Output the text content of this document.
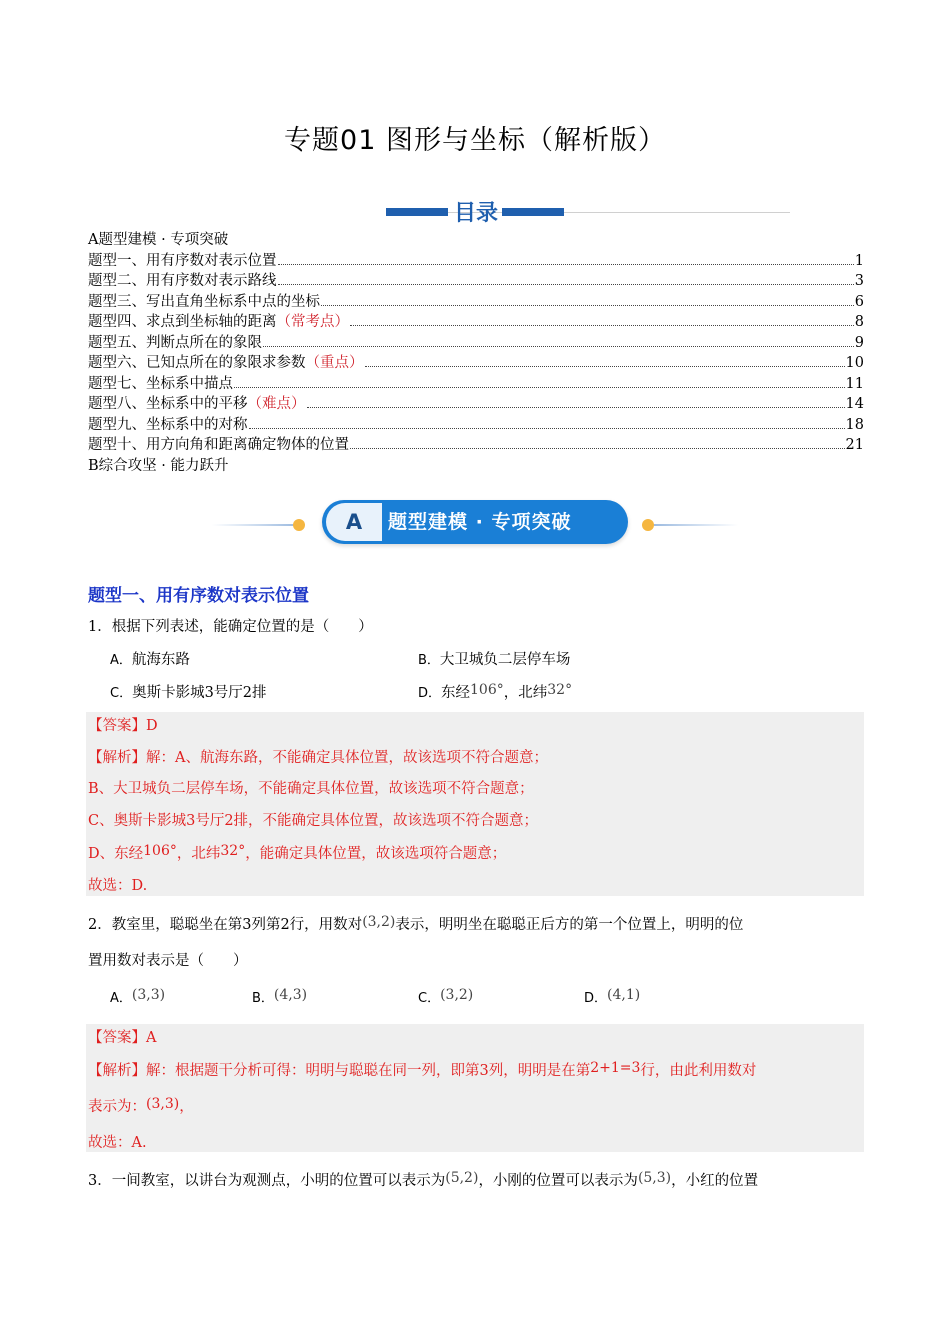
专题01 图形与坐标（解析版）
目录
A题型建模 · 专项突破
题型一、用有序数对表示位置	1
题型二、用有序数对表示路线	3
题型三、写出直角坐标系中点的坐标	6
题型四、求点到坐标轴的距离 （常考点）	8
题型五、判断点所在的象限	9
题型六、已知点所在的象限求参数 （重点）	10
题型七、坐标系中描点	11
题型八、坐标系中的平移 （难点）	14
题型九、坐标系中的对称	18
题型十、用方向角和距离确定物体的位置	21
B综合攻坚 · 能力跃升
A	题型建模 · 专项突破
题型一、用有序数对表示位置
1．根据下列表述，能确定位置的是（　　）
A．航海东路	B．大卫城负二层停车场
C．奥斯卡影城3号厅2排	D．东经106°，北纬32°
【答案】D
【解析】解：A、航海东路，不能确定具体位置，故该选项不符合题意；
B、大卫城负二层停车场，不能确定具体位置，故该选项不符合题意；
C、奥斯卡影城3号厅2排，不能确定具体位置，故该选项不符合题意；
D、东经106°，北纬32°，能确定具体位置，故该选项符合题意；
故选：D.
2．教室里，聪聪坐在第3列第2行，用数对(3,2)表示，明明坐在聪聪正后方的第一个位置上，明明的位
置用数对表示是（　　）
A．(3,3)	B．(4,3)	C．(3,2)	D．(4,1)
【答案】A
【解析】解：根据题干分析可得：明明与聪聪在同一列，即第3列，明明是在第2+1=3行，由此利用数对
表示为：(3,3)，
故选：A.
3．一间教室，以讲台为观测点，小明的位置可以表示为(5,2)，小刚的位置可以表示为(5,3)，小红的位置
